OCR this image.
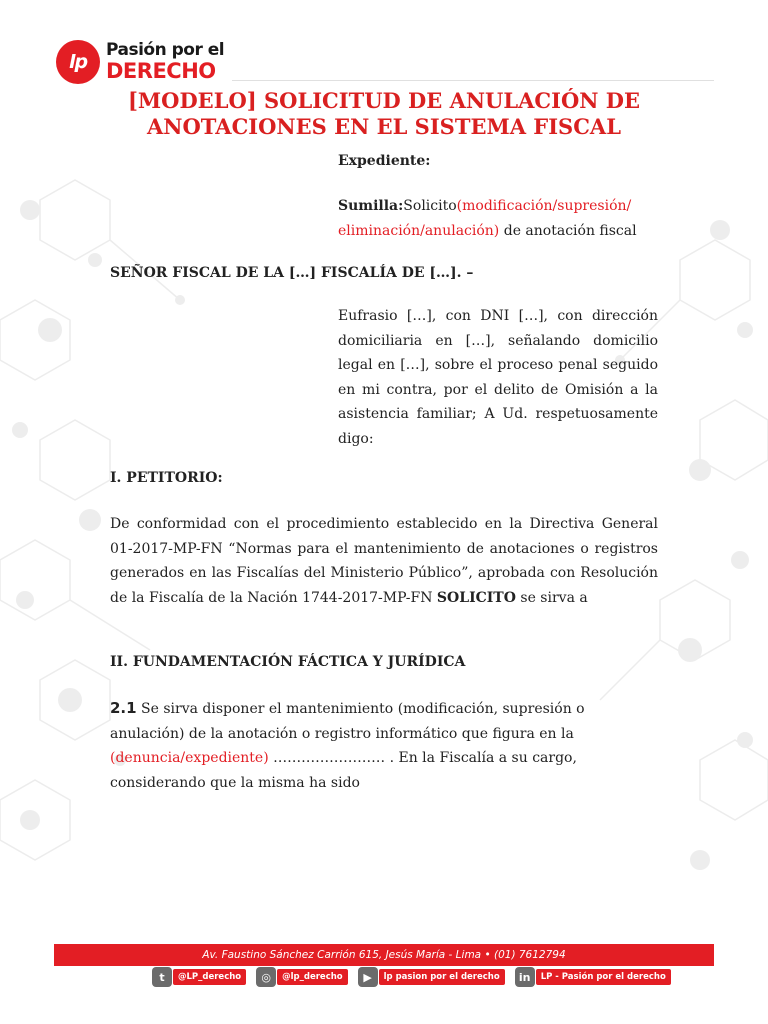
lp
Pasión por el
DERECHO
[MODELO] SOLICITUD DE ANULACIÓN DE
ANOTACIONES EN EL SISTEMA FISCAL
Expediente:
Sumilla:Solicito(modificación/supresión/
eliminación/anulación) de anotación fiscal
SEÑOR FISCAL DE LA […] FISCALÍA DE […]. –
Eufrasio […], con DNI […], con dirección domiciliaria en […], señalando domicilio legal en […], sobre el proceso penal seguido en mi contra, por el delito de Omisión a la asistencia familiar; A Ud. respetuosamente digo:
I. PETITORIO:
De conformidad con el procedimiento establecido en la Directiva General 01-2017-MP-FN “Normas para el mantenimiento de anotaciones o registros generados en las Fiscalías del Ministerio Público”, aprobada con Resolución de la Fiscalía de la Nación 1744-2017-MP-FN SOLICITO se sirva a
II. FUNDAMENTACIÓN FÁCTICA Y JURÍDICA
2.1 Se sirva disponer el mantenimiento (modificación, supresión o anulación) de la anotación o registro informático que figura en la (denuncia/expediente) …………………… . En la Fiscalía a su cargo, considerando que la misma ha sido
Av. Faustino Sánchez Carrión 615, Jesús María - Lima • (01) 7612794
t	@LP_derecho	◎	@lp_derecho	▶	lp pasion por el derecho	in	LP - Pasión por el derecho
